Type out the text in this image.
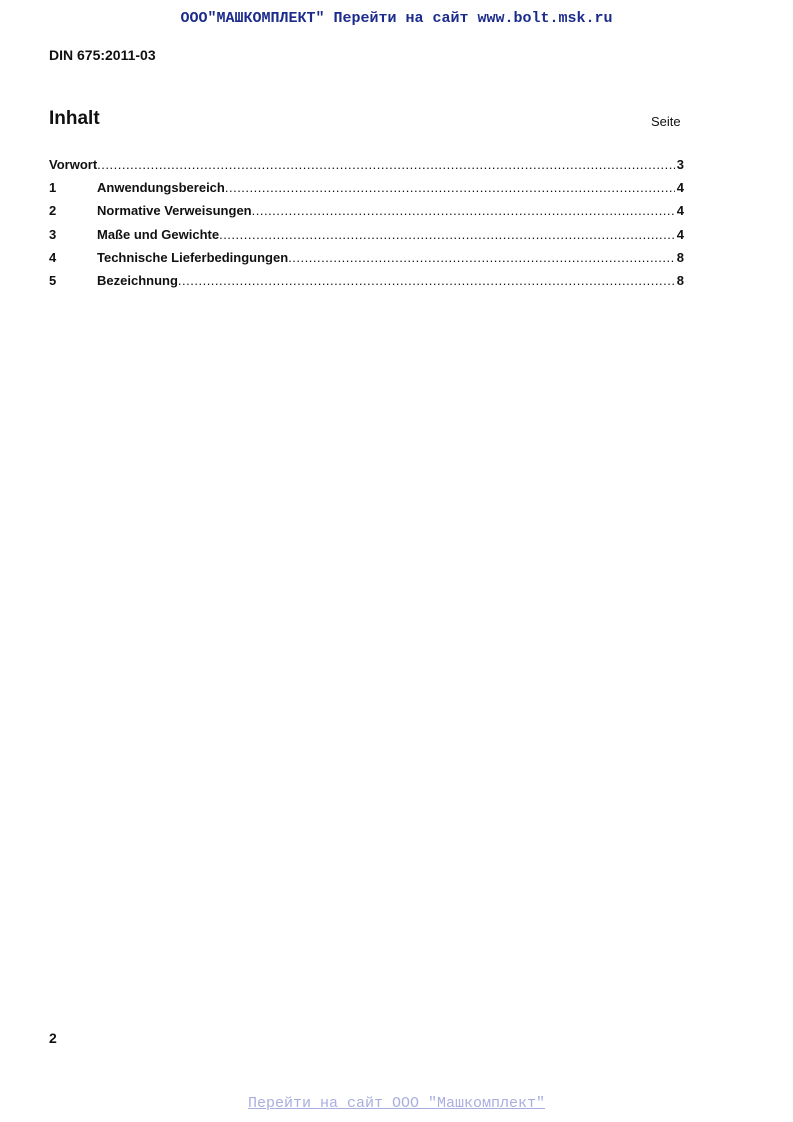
ООО"МАШКОМПЛЕКТ" Перейти на сайт www.bolt.msk.ru
DIN 675:2011-03
Inhalt	Seite
Vorwort .....	3
1	Anwendungsbereich .....	4
2	Normative Verweisungen .....	4
3	Maße und Gewichte .....	4
4	Technische Lieferbedingungen .....	8
5	Bezeichnung .....	8
2
Перейти на сайт ООО "Машкомплект"
